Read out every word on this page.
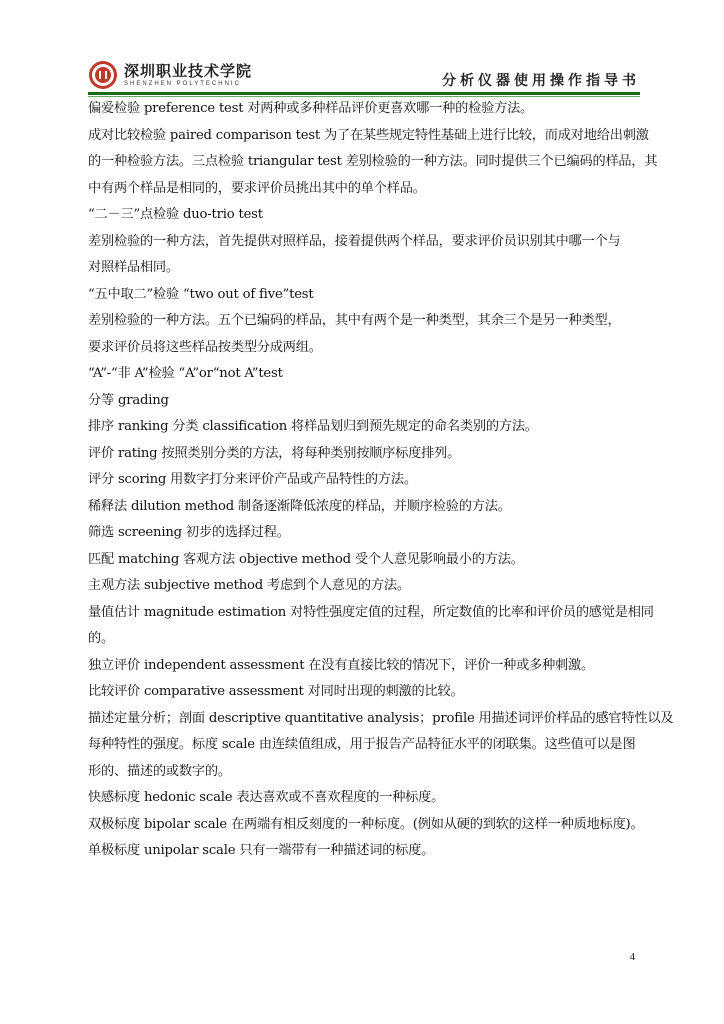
深圳职业技术学院
SHENZHEN POLYTECHNIC	分析仪器使用操作指导书

偏爱检验 preference test 对两种或多种样品评价更喜欢哪一种的检验方法。

成对比较检验 paired comparison test 为了在某些规定特性基础上进行比较，而成对地给出刺激

的一种检验方法。三点检验 triangular test 差别检验的一种方法。同时提供三个已编码的样品，其

中有两个样品是相同的，要求评价员挑出其中的单个样品。

“二－三”点检验 duo-trio test

差别检验的一种方法，首先提供对照样品，接着提供两个样品，要求评价员识别其中哪一个与

对照样品相同。

“五中取二”检验 “two out of five”test

差别检验的一种方法。五个已编码的样品，其中有两个是一种类型，其余三个是另一种类型，

要求评价员将这些样品按类型分成两组。

“A”-“非 A”检验 “A”or“not A”test

分等 grading

排序 ranking 分类 classification 将样品划归到预先规定的命名类别的方法。

评价 rating 按照类别分类的方法，将每种类别按顺序标度排列。

评分 scoring 用数字打分来评价产品或产品特性的方法。

稀释法 dilution method 制备逐渐降低浓度的样品，并顺序检验的方法。

筛选 screening 初步的选择过程。

匹配 matching 客观方法 objective method 受个人意见影响最小的方法。

主观方法 subjective method 考虑到个人意见的方法。

量值估计 magnitude estimation 对特性强度定值的过程，所定数值的比率和评价员的感觉是相同

的。

独立评价 independent assessment 在没有直接比较的情况下，评价一种或多种刺激。

比较评价 comparative assessment 对同时出现的刺激的比较。

描述定量分析；剖面 descriptive quantitative analysis；profile 用描述词评价样品的感官特性以及

每种特性的强度。标度 scale 由连续值组成，用于报告产品特征水平的闭联集。这些值可以是图

形的、描述的或数字的。

快感标度 hedonic scale 表达喜欢或不喜欢程度的一种标度。

双极标度 bipolar scale 在两端有相反刻度的一种标度。(例如从硬的到软的这样一种质地标度)。

单极标度 unipolar scale 只有一端带有一种描述词的标度。

4
